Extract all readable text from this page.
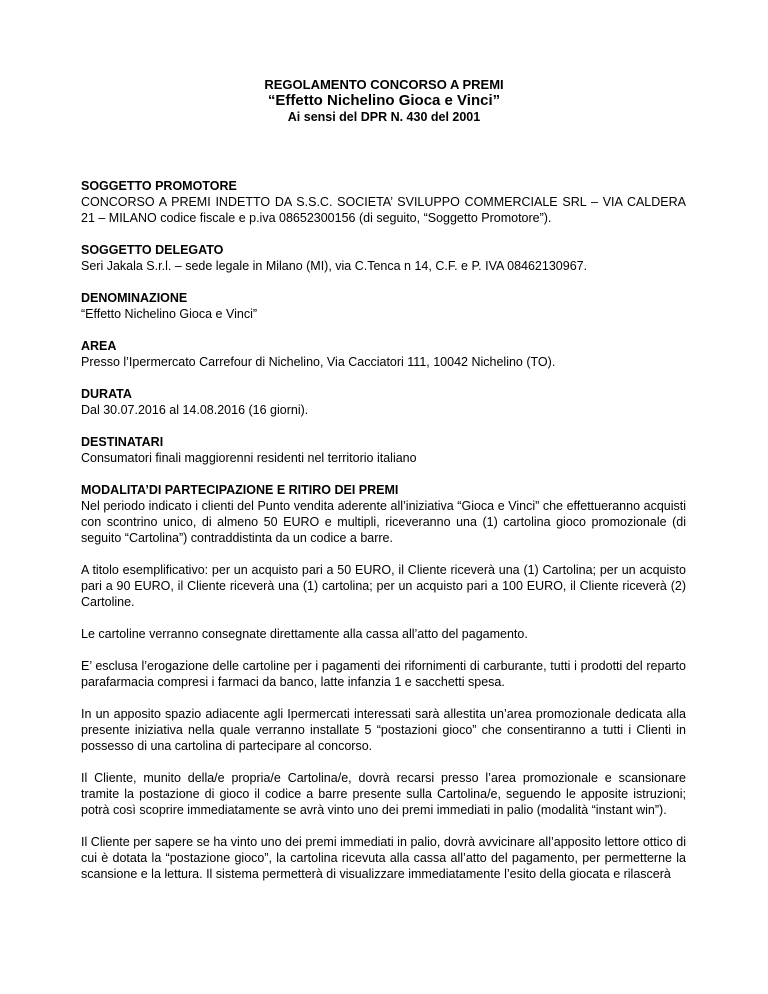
REGOLAMENTO CONCORSO A PREMI

“Effetto Nichelino Gioca e Vinci”

Ai sensi del DPR N. 430 del 2001

SOGGETTO PROMOTORE

CONCORSO A PREMI INDETTO DA S.S.C. SOCIETA’ SVILUPPO COMMERCIALE SRL – VIA CALDERA 21 – MILANO codice fiscale e p.iva 08652300156 (di seguito, “Soggetto Promotore”).

SOGGETTO DELEGATO

Seri Jakala S.r.l. – sede legale in Milano (MI), via C.Tenca n 14, C.F. e P. IVA 08462130967.

DENOMINAZIONE

“Effetto Nichelino Gioca e Vinci”

AREA

Presso l’Ipermercato Carrefour di Nichelino, Via Cacciatori 111, 10042 Nichelino (TO).

DURATA

Dal 30.07.2016 al 14.08.2016 (16 giorni).

DESTINATARI

Consumatori finali maggiorenni residenti nel territorio italiano

MODALITA’DI PARTECIPAZIONE E RITIRO DEI PREMI

Nel periodo indicato i clienti del Punto vendita aderente all’iniziativa “Gioca e Vinci” che effettueranno acquisti con scontrino unico, di almeno 50 EURO e multipli, riceveranno una (1) cartolina gioco promozionale (di seguito “Cartolina”) contraddistinta da un codice a barre.

A titolo esemplificativo: per un acquisto pari a 50 EURO, il Cliente riceverà una (1) Cartolina; per un acquisto pari a 90 EURO, il Cliente riceverà una (1) cartolina; per un acquisto pari a 100 EURO, il Cliente riceverà (2) Cartoline.

Le cartoline verranno consegnate direttamente alla cassa all’atto del pagamento.

E’ esclusa l’erogazione delle cartoline per i pagamenti dei rifornimenti di carburante, tutti i prodotti del reparto parafarmacia compresi i farmaci da banco, latte infanzia 1 e sacchetti spesa.

In un apposito spazio adiacente agli Ipermercati interessati sarà allestita un’area promozionale dedicata alla presente iniziativa nella quale verranno installate 5 “postazioni gioco” che consentiranno a tutti i Clienti in possesso di una cartolina di partecipare al concorso.

Il Cliente, munito della/e propria/e Cartolina/e, dovrà recarsi presso l’area promozionale e scansionare tramite la postazione di gioco il codice a barre presente sulla Cartolina/e, seguendo le apposite istruzioni; potrà così scoprire immediatamente se avrà vinto uno dei premi immediati in palio (modalità “instant win”).

Il Cliente per sapere se ha vinto uno dei premi immediati in palio, dovrà avvicinare all’apposito lettore ottico di cui è dotata la “postazione gioco”, la cartolina ricevuta alla cassa all’atto del pagamento, per permetterne la scansione e la lettura. Il sistema permetterà di visualizzare immediatamente l’esito della giocata e rilascerà
